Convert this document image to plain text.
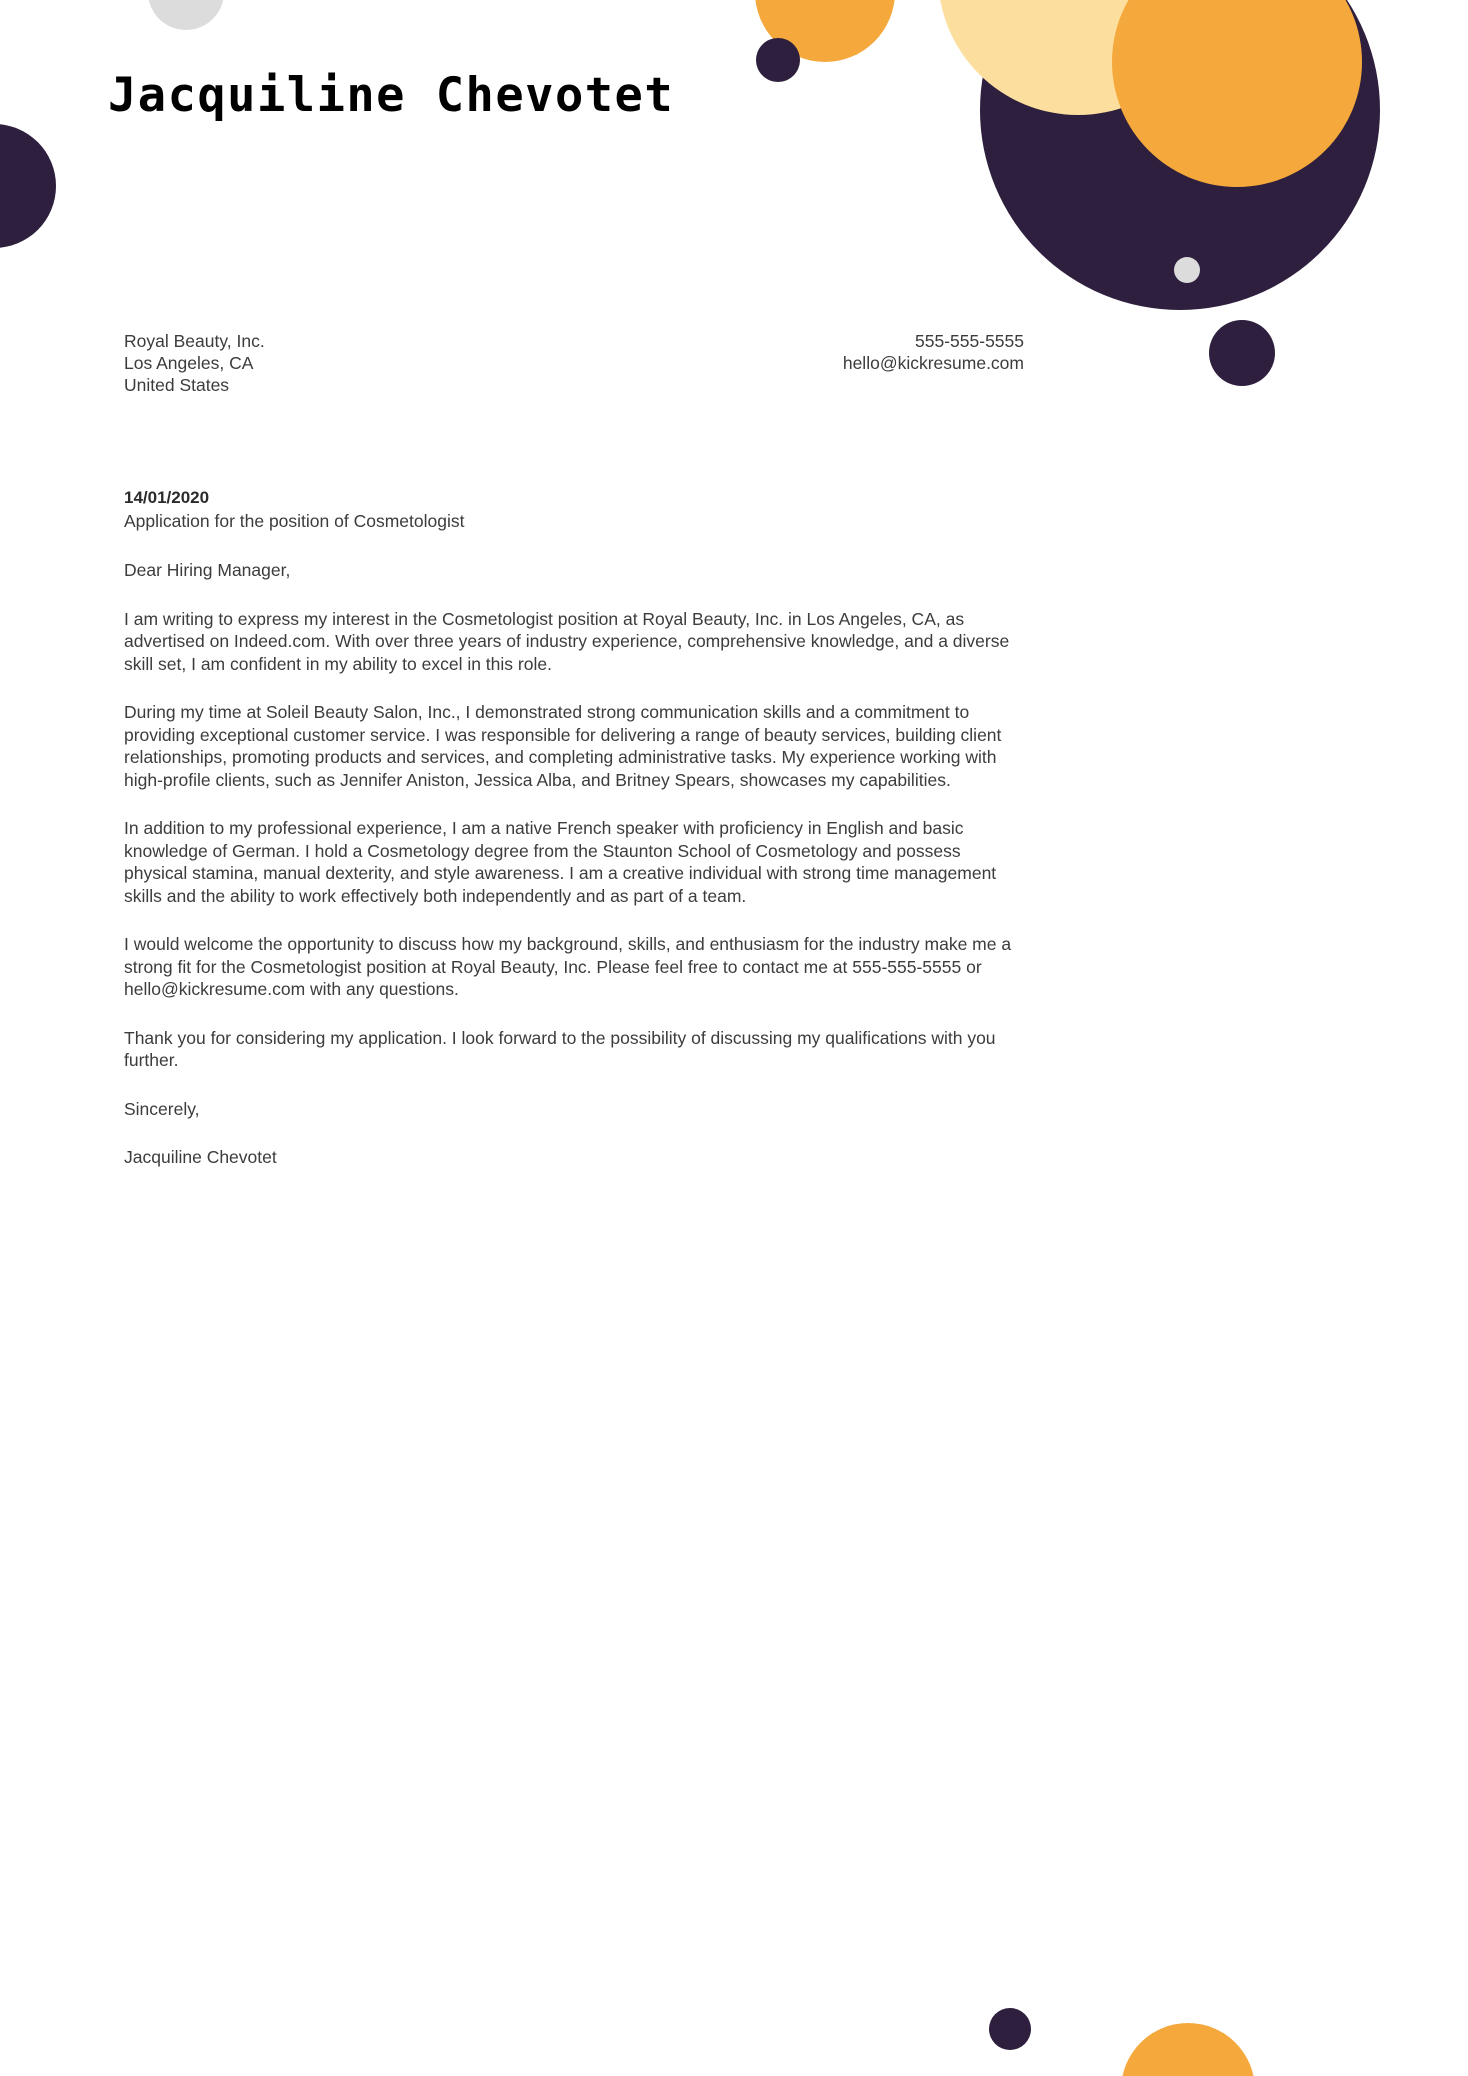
Jacquiline Chevotet
Royal Beauty, Inc.
Los Angeles, CA
United States
555-555-5555
hello@kickresume.com

14/01/2020

Application for the position of Cosmetologist

Dear Hiring Manager,

I am writing to express my interest in the Cosmetologist position at Royal Beauty, Inc. in Los Angeles, CA, as advertised on Indeed.com. With over three years of industry experience, comprehensive knowledge, and a diverse skill set, I am confident in my ability to excel in this role.

During my time at Soleil Beauty Salon, Inc., I demonstrated strong communication skills and a commitment to providing exceptional customer service. I was responsible for delivering a range of beauty services, building client relationships, promoting products and services, and completing administrative tasks. My experience working with high-profile clients, such as Jennifer Aniston, Jessica Alba, and Britney Spears, showcases my capabilities.

In addition to my professional experience, I am a native French speaker with proficiency in English and basic knowledge of German. I hold a Cosmetology degree from the Staunton School of Cosmetology and possess physical stamina, manual dexterity, and style awareness. I am a creative individual with strong time management skills and the ability to work effectively both independently and as part of a team.

I would welcome the opportunity to discuss how my background, skills, and enthusiasm for the industry make me a strong fit for the Cosmetologist position at Royal Beauty, Inc. Please feel free to contact me at 555-555-5555 or hello@kickresume.com with any questions.

Thank you for considering my application. I look forward to the possibility of discussing my qualifications with you further.

Sincerely,

Jacquiline Chevotet
